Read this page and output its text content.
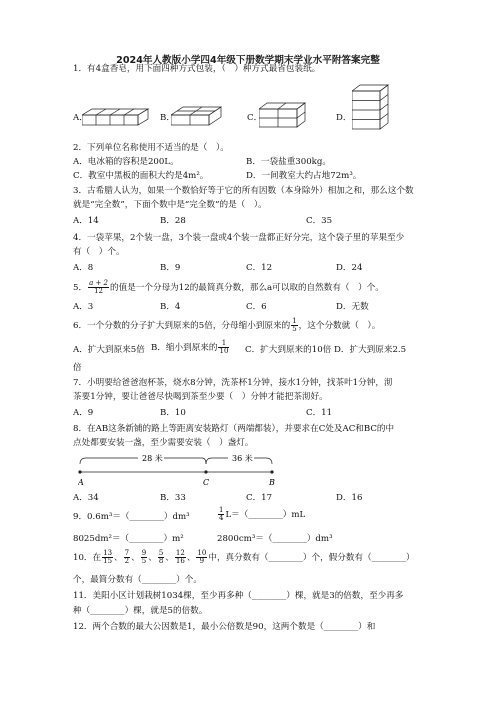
2024年人教版小学四4年级下册数学期末学业水平附答案完整
1．有4盒香皂，用下面四种方式包装，（　）种方式最省包装纸。
A．	B．	C．	D．
2．下列单位名称使用不适当的是（　）。
A．电冰箱的容积是200L。	B．一袋盐重300kg。
C．教室中黑板的面积大约是4m²。	D．一间教室大约占地72m³。
3．古希腊人认为，如果一个数恰好等于它的所有因数（本身除外）相加之和，那么这个数
就是“完全数”，下面个数中是“完全数”的是（　）。
A．14	B．28	C．35
4．一袋苹果，2个装一盘，3个装一盘或4个装一盘都正好分完，这个袋子里的苹果至少
有（　）个。
A．8	B．9	C．12	D．24
5． $\frac{a + 2}{12}$ 的值是一个分母为12的最简真分数，那么a可以取的自然数有（　）个。
A．3	B．4	C．6	D．无数
6．一个分数的分子扩大到原来的5倍，分母缩小到原来的 $\frac{1}{5}$ ，这个分数就（　）。
A．扩大到原来5倍 B．缩小到原来的 $\frac{1}{10}$ C．扩大到原来的10倍 D．扩大到原来2.5
倍
7．小明要给爸爸泡杯茶，烧水8分钟，洗茶杯1分钟，接水1分钟，找茶叶1分钟，沏
茶要1分钟，要让爸爸尽快喝到茶至少要（　）分钟才能把茶沏好。
A．9	B．10	C．11
8．在AB这条新铺的路上等距离安装路灯（两端都装），并要求在C处及AC和BC的中
点处都要安装一盏，至少需要安装（　）盏灯。
28 米	36 米
A	C	B
A．34	B．33	C．17	D．16
9．0.6m³＝（________）dm³	$\frac{1}{4}$ L＝（________）mL
8025dm²＝（________）m²	2800cm³＝（________）dm³
10．在 $\frac{13}{15}$ 、 $\frac{7}{2}$ 、 $\frac{9}{5}$ 、 $\frac{5}{8}$ 、 $\frac{12}{16}$ 、 $\frac{10}{9}$ 中，真分数有（________）个，假分数有（________）
个，最简分数有（________）个。
11．美阳小区计划栽树1034棵，至少再多种（________）棵，就是3的倍数，至少再多
种（________）棵，就是5的倍数。
12．两个合数的最大公因数是1，最小公倍数是90，这两个数是（________）和
